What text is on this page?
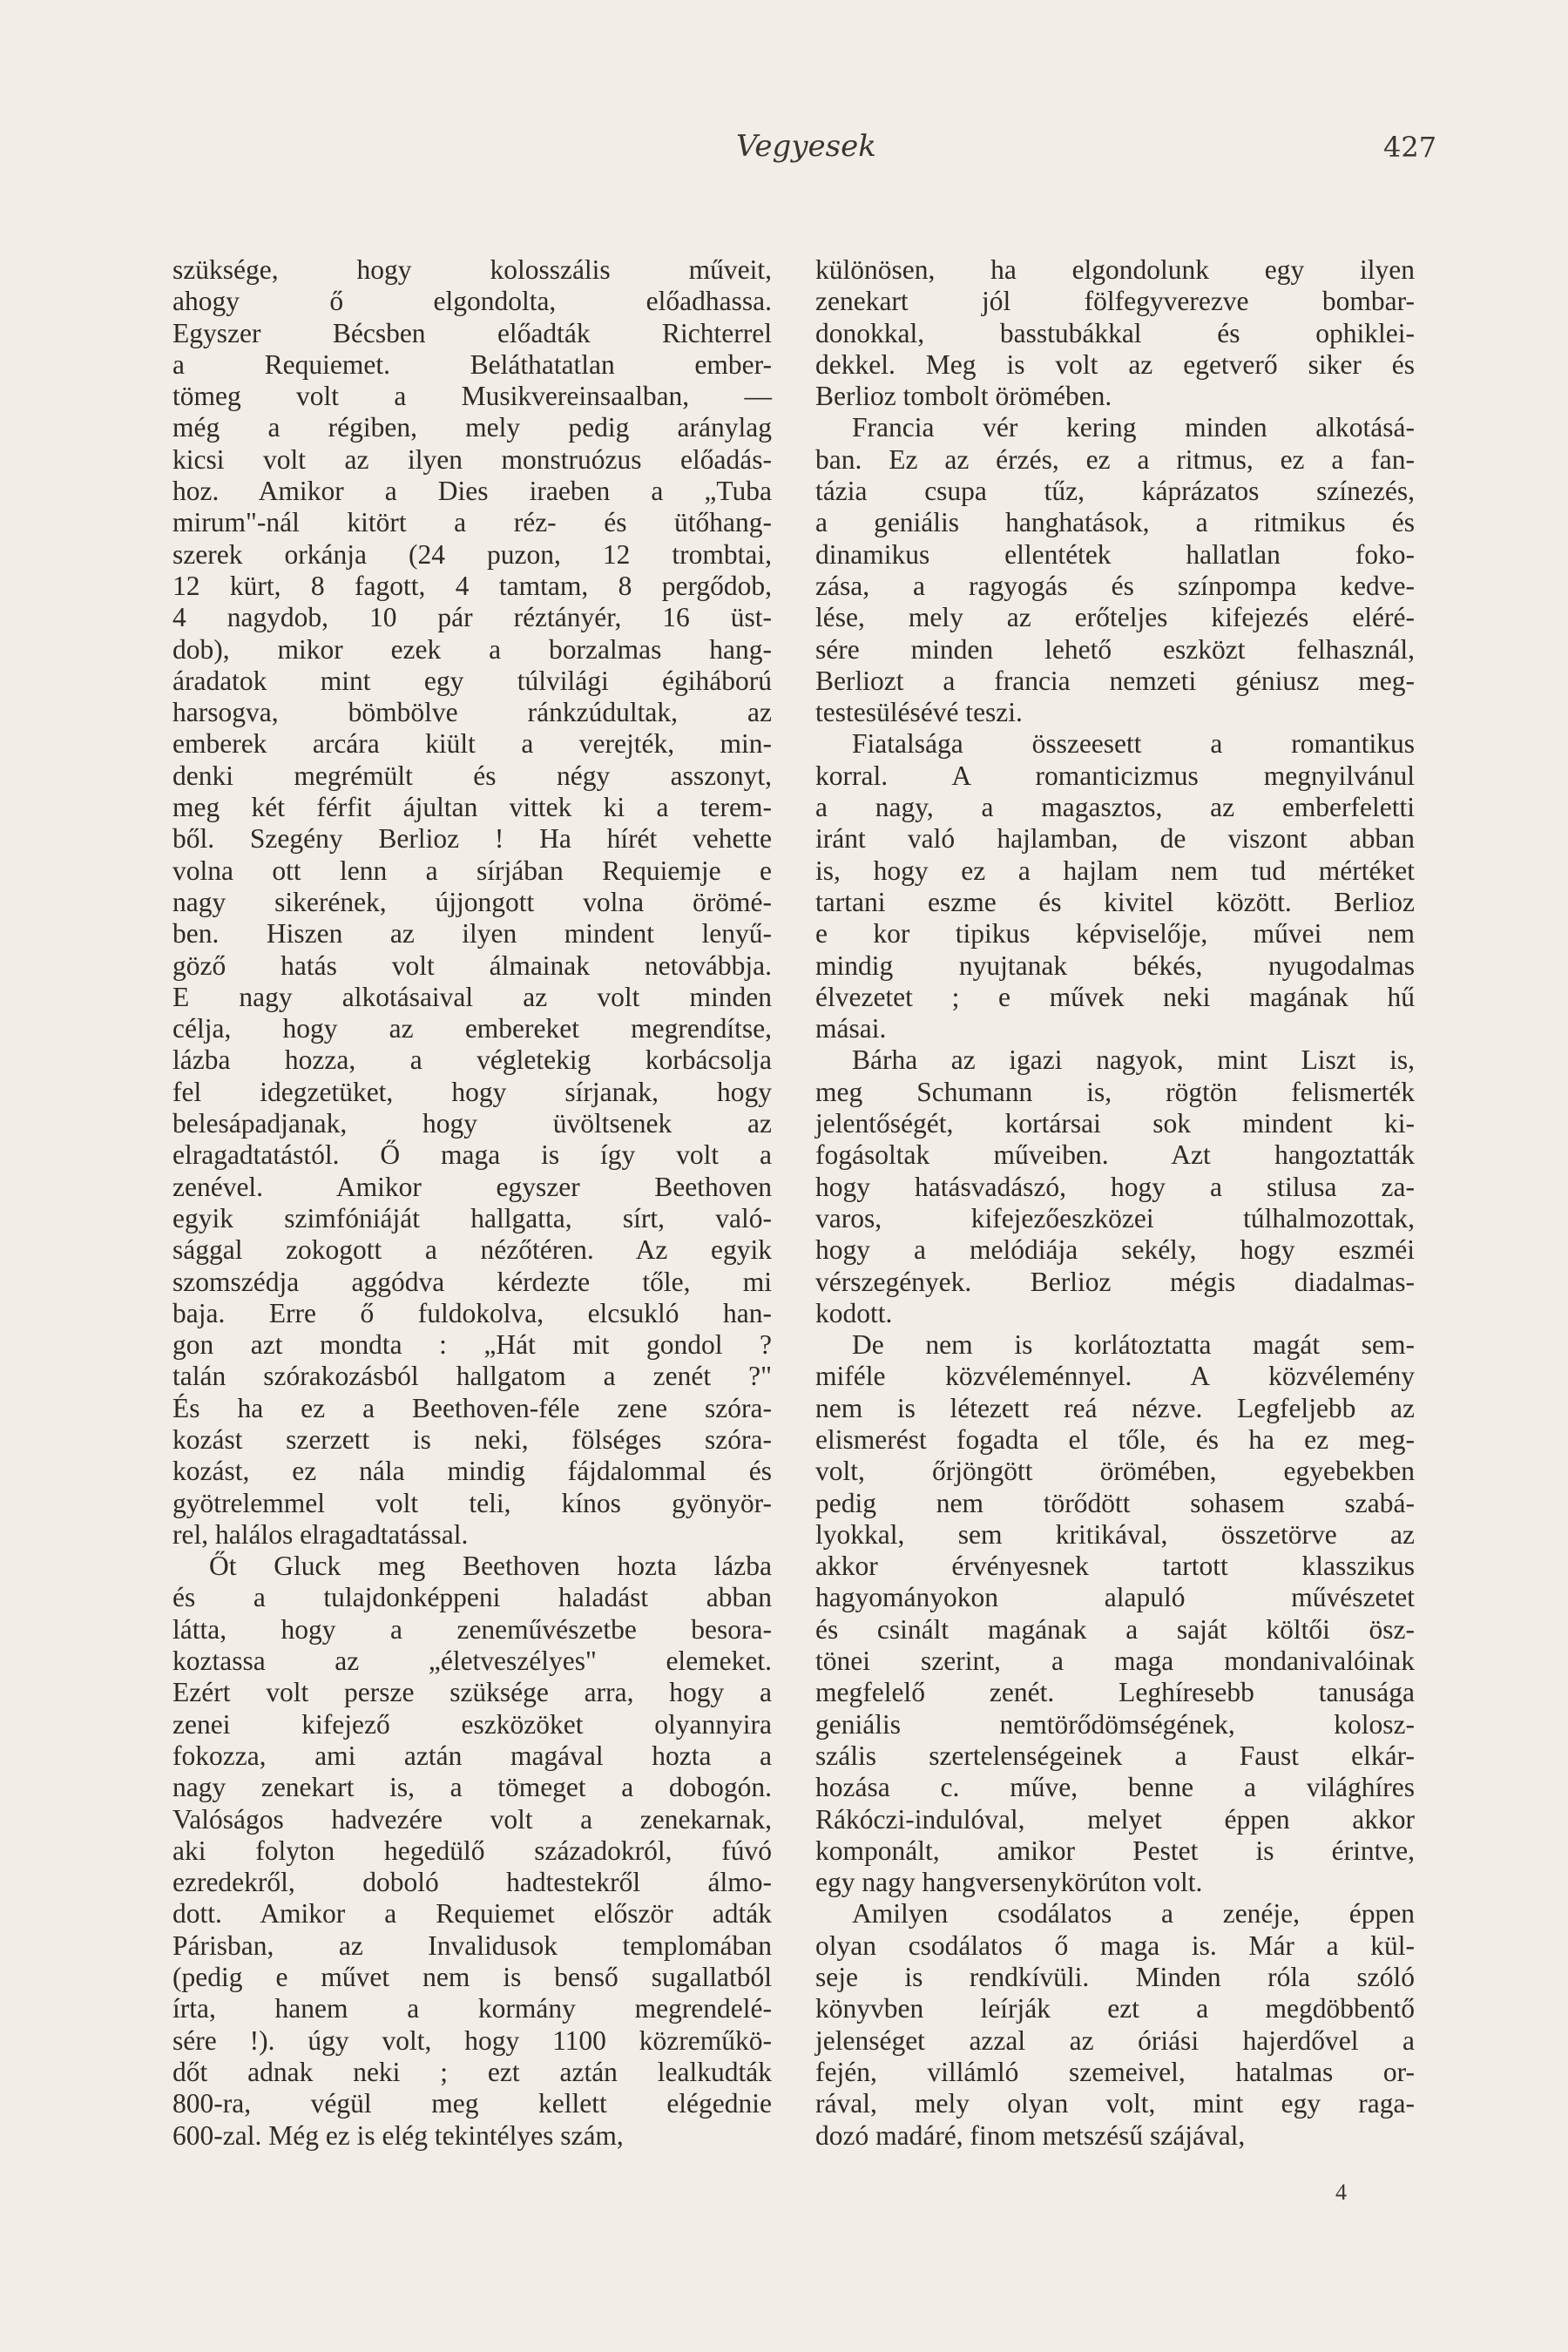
Vegyesek	427
szüksége, hogy kolosszális műveit,
ahogy ő elgondolta, előadhassa.
Egyszer Bécsben előadták Richterrel
a Requiemet. Beláthatatlan ember-
tömeg volt a Musikvereinsaalban, —
még a régiben, mely pedig aránylag
kicsi volt az ilyen monstruózus előadás-
hoz. Amikor a Dies iraeben a „Tuba
mirum"-nál kitört a réz- és ütőhang-
szerek orkánja (24 puzon, 12 trombtai,
12 kürt, 8 fagott, 4 tamtam, 8 pergődob,
4 nagydob, 10 pár réztányér, 16 üst-
dob), mikor ezek a borzalmas hang-
áradatok mint egy túlvilági égiháború
harsogva, bömbölve ránkzúdultak, az
emberek arcára kiült a verejték, min-
denki megrémült és négy asszonyt,
meg két férfit ájultan vittek ki a terem-
ből. Szegény Berlioz ! Ha hírét vehette
volna ott lenn a sírjában Requiemje e
nagy sikerének, újjongott volna örömé-
ben. Hiszen az ilyen mindent lenyű-
göző hatás volt álmainak netovábbja.
E nagy alkotásaival az volt minden
célja, hogy az embereket megrendítse,
lázba hozza, a végletekig korbácsolja
fel idegzetüket, hogy sírjanak, hogy
belesápadjanak, hogy üvöltsenek az
elragadtatástól. Ő maga is így volt a
zenével. Amikor egyszer Beethoven
egyik szimfóniáját hallgatta, sírt, való-
sággal zokogott a nézőtéren. Az egyik
szomszédja aggódva kérdezte tőle, mi
baja. Erre ő fuldokolva, elcsukló han-
gon azt mondta : „Hát mit gondol ?
talán szórakozásból hallgatom a zenét ?"
És ha ez a Beethoven-féle zene szóra-
kozást szerzett is neki, fölséges szóra-
kozást, ez nála mindig fájdalommal és
gyötrelemmel volt teli, kínos gyönyör-
rel, halálos elragadtatással.
Őt Gluck meg Beethoven hozta lázba
és a tulajdonképpeni haladást abban
látta, hogy a zeneművészetbe besora-
koztassa az „életveszélyes" elemeket.
Ezért volt persze szüksége arra, hogy a
zenei kifejező eszközöket olyannyira
fokozza, ami aztán magával hozta a
nagy zenekart is, a tömeget a dobogón.
Valóságos hadvezére volt a zenekarnak,
aki folyton hegedülő századokról, fúvó
ezredekről, doboló hadtestekről álmo-
dott. Amikor a Requiemet először adták
Párisban, az Invalidusok templomában
(pedig e művet nem is benső sugallatból
írta, hanem a kormány megrendelé-
sére !). úgy volt, hogy 1100 közreműkö-
dőt adnak neki ; ezt aztán lealkudták
800-ra, végül meg kellett elégednie
600-zal. Még ez is elég tekintélyes szám,
különösen, ha elgondolunk egy ilyen
zenekart jól fölfegyverezve bombar-
donokkal, basstubákkal és ophiklei-
dekkel. Meg is volt az egetverő siker és
Berlioz tombolt örömében.
Francia vér kering minden alkotásá-
ban. Ez az érzés, ez a ritmus, ez a fan-
tázia csupa tűz, káprázatos színezés,
a geniális hanghatások, a ritmikus és
dinamikus ellentétek hallatlan foko-
zása, a ragyogás és színpompa kedve-
lése, mely az erőteljes kifejezés eléré-
sére minden lehető eszközt felhasznál,
Berliozt a francia nemzeti géniusz meg-
testesülésévé teszi.
Fiatalsága összeesett a romantikus
korral. A romanticizmus megnyilvánul
a nagy, a magasztos, az emberfeletti
iránt való hajlamban, de viszont abban
is, hogy ez a hajlam nem tud mértéket
tartani eszme és kivitel között. Berlioz
e kor tipikus képviselője, művei nem
mindig nyujtanak békés, nyugodalmas
élvezetet ; e művek neki magának hű
másai.
Bárha az igazi nagyok, mint Liszt is,
meg Schumann is, rögtön felismerték
jelentőségét, kortársai sok mindent ki-
fogásoltak műveiben. Azt hangoztatták
hogy hatásvadászó, hogy a stilusa za-
varos, kifejezőeszközei túlhalmozottak,
hogy a melódiája sekély, hogy eszméi
vérszegények. Berlioz mégis diadalmas-
kodott.
De nem is korlátoztatta magát sem-
miféle közvéleménnyel. A közvélemény
nem is létezett reá nézve. Legfeljebb az
elismerést fogadta el tőle, és ha ez meg-
volt, őrjöngött örömében, egyebekben
pedig nem törődött sohasem szabá-
lyokkal, sem kritikával, összetörve az
akkor érvényesnek tartott klasszikus
hagyományokon alapuló művészetet
és csinált magának a saját költői ösz-
tönei szerint, a maga mondanivalóinak
megfelelő zenét. Leghíresebb tanusága
geniális nemtörődömségének, kolosz-
szális szertelenségeinek a Faust elkár-
hozása c. műve, benne a világhíres
Rákóczi-indulóval, melyet éppen akkor
komponált, amikor Pestet is érintve,
egy nagy hangversenykörúton volt.
Amilyen csodálatos a zenéje, éppen
olyan csodálatos ő maga is. Már a kül-
seje is rendkívüli. Minden róla szóló
könyvben leírják ezt a megdöbbentő
jelenséget azzal az óriási hajerdővel a
fején, villámló szemeivel, hatalmas or-
rával, mely olyan volt, mint egy raga-
dozó madáré, finom metszésű szájával,
4
